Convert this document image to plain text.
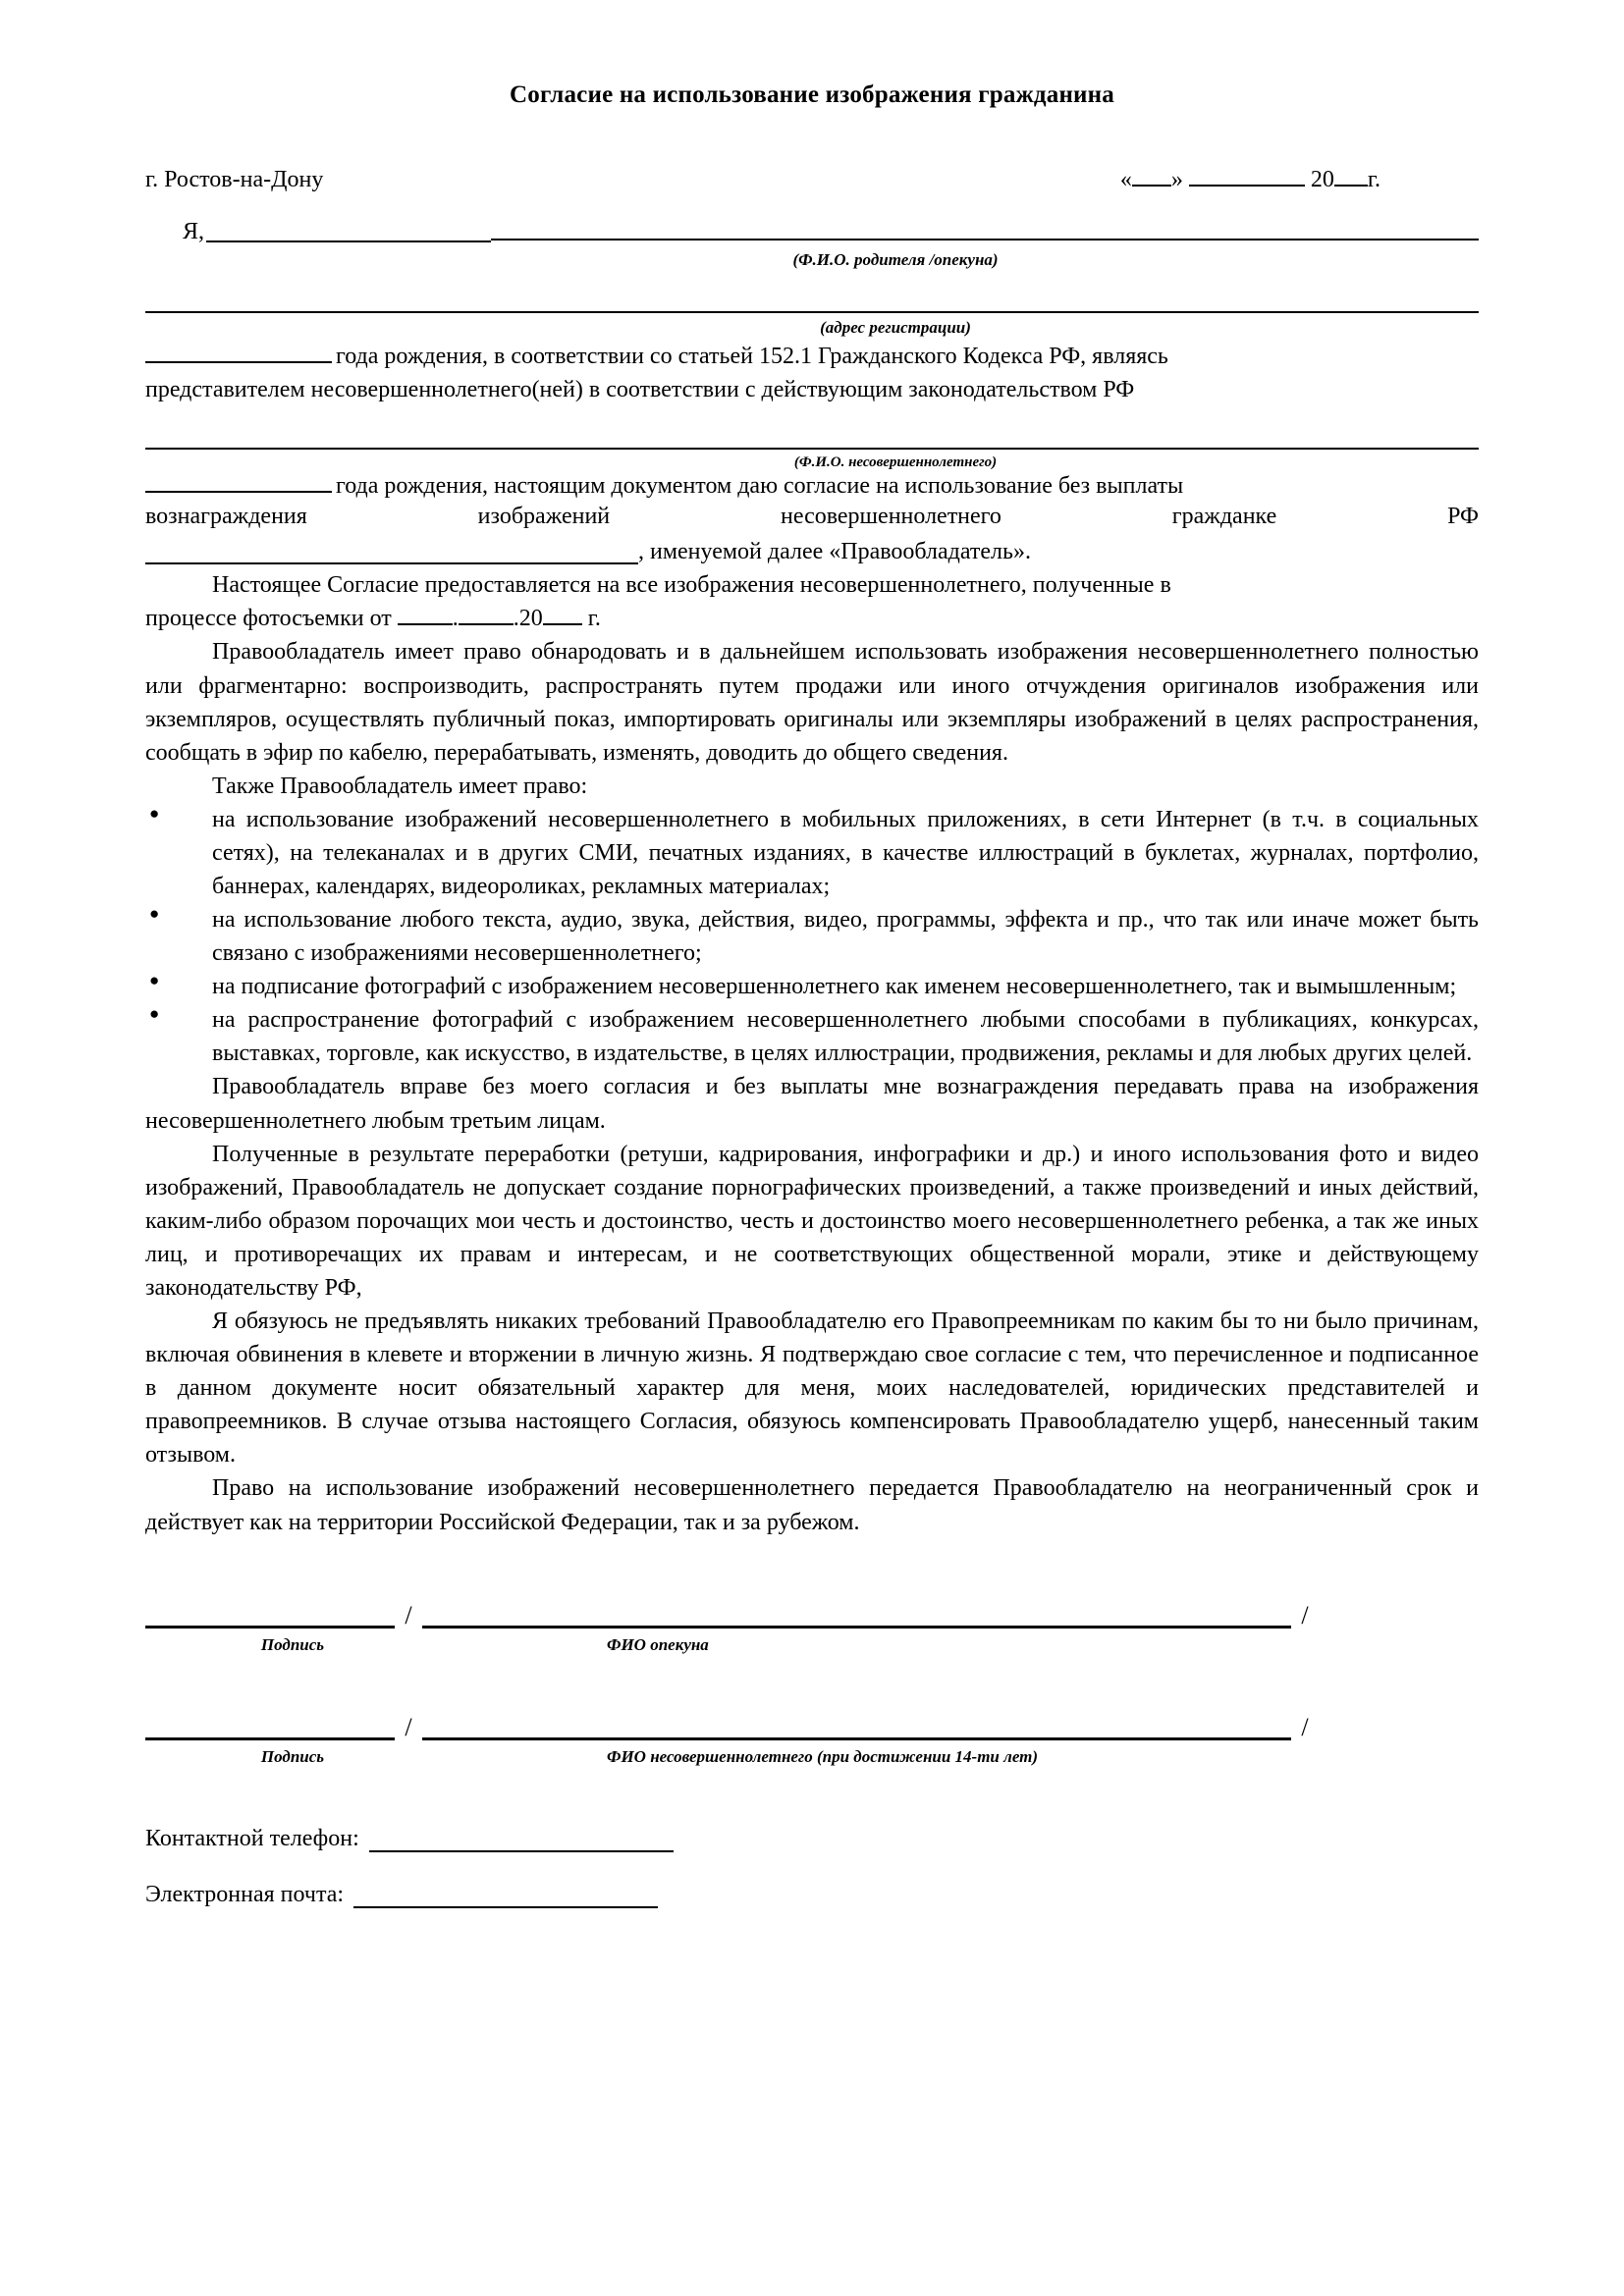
Согласие на использование изображения гражданина
г. Ростов-на-Дону	« »	20 г.
Я,
(Ф.И.О. родителя /опекуна)
(адрес регистрации)
года рождения, в соответствии со статьей 152.1 Гражданского Кодекса РФ, являясь

представителем несовершеннолетнего(ней) в соответствии с действующим законодательством РФ

(Ф.И.О. несовершеннолетнего)
года рождения, настоящим документом даю согласие на использование без выплаты
вознаграждения	изображений	несовершеннолетнего	гражданке	РФ
, именуемой далее «Правообладатель».

Настоящее Согласие предоставляется на все изображения несовершеннолетнего, полученные в

процессе фотосъемки от	. .20 г.

Правообладатель имеет право обнародовать и в дальнейшем использовать изображения несовершеннолетнего полностью или фрагментарно: воспроизводить, распространять путем продажи или иного отчуждения оригиналов изображения или экземпляров, осуществлять публичный показ, импортировать оригиналы или экземпляры изображений в целях распространения, сообщать в эфир по кабелю, перерабатывать, изменять, доводить до общего сведения.

Также Правообладатель имеет право:

● на использование изображений несовершеннолетнего в мобильных приложениях, в сети Интернет (в т.ч. в социальных сетях), на телеканалах и в других СМИ, печатных изданиях, в качестве иллюстраций в буклетах, журналах, портфолио, баннерах, календарях, видеороликах, рекламных материалах;
● на использование любого текста, аудио, звука, действия, видео, программы, эффекта и пр., что так или иначе может быть связано с изображениями несовершеннолетнего;
● на подписание фотографий с изображением несовершеннолетнего как именем несовершеннолетнего, так и вымышленным;
● на распространение фотографий с изображением несовершеннолетнего любыми способами в публикациях, конкурсах, выставках, торговле, как искусство, в издательстве, в целях иллюстрации, продвижения, рекламы и для любых других целей.

Правообладатель вправе без моего согласия и без выплаты мне вознаграждения передавать права на изображения несовершеннолетнего любым третьим лицам.

Полученные в результате переработки (ретуши, кадрирования, инфографики и др.) и иного использования фото и видео изображений, Правообладатель не допускает создание порнографических произведений, а также произведений и иных действий, каким-либо образом порочащих мои честь и достоинство, честь и достоинство моего несовершеннолетнего ребенка, а так же иных лиц, и противоречащих их правам и интересам, и не соответствующих общественной морали, этике и действующему законодательству РФ,

Я обязуюсь не предъявлять никаких требований Правообладателю его Правопреемникам по каким бы то ни было причинам, включая обвинения в клевете и вторжении в личную жизнь. Я подтверждаю свое согласие с тем, что перечисленное и подписанное в данном документе носит обязательный характер для меня, моих наследователей, юридических представителей и правопреемников. В случае отзыва настоящего Согласия, обязуюсь компенсировать Правообладателю ущерб, нанесенный таким отзывом.

Право на использование изображений несовершеннолетнего передается Правообладателю на неограниченный срок и действует как на территории Российской Федерации, так и за рубежом.

/	/
Подпись	ФИО опекуна
/	/
Подпись	ФИО несовершеннолетнего (при достижении 14-ти лет)
Контактной телефон:
Электронная почта:
